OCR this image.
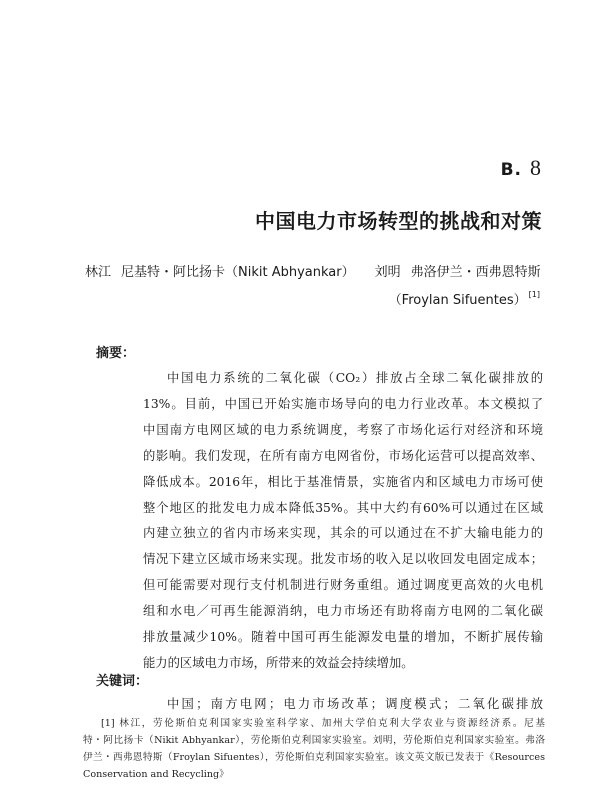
B. 8
中国电力市场转型的挑战和对策
林江 尼基特・阿比扬卡（Nikit Abhyankar） 刘明 弗洛伊兰・西弗恩特斯
（Froylan Sifuentes） [1]
摘要：
中国电力系统的二氧化碳（CO₂）排放占全球二氧化碳排放的
13%。目前，中国已开始实施市场导向的电力行业改革。本文模拟了
中国南方电网区域的电力系统调度，考察了市场化运行对经济和环境
的影响。我们发现，在所有南方电网省份，市场化运营可以提高效率、
降低成本。2016年，相比于基准情景，实施省内和区域电力市场可使
整个地区的批发电力成本降低35%。其中大约有60%可以通过在区域
内建立独立的省内市场来实现，其余的可以通过在不扩大输电能力的
情况下建立区域市场来实现。批发市场的收入足以收回发电固定成本；
但可能需要对现行支付机制进行财务重组。通过调度更高效的火电机
组和水电／可再生能源消纳，电力市场还有助将南方电网的二氧化碳
排放量减少10%。随着中国可再生能源发电量的增加，不断扩展传输
能力的区域电力市场，所带来的效益会持续增加。
关键词：
中国；南方电网；电力市场改革；调度模式；二氧化碳排放
[1] 林江，劳伦斯伯克利国家实验室科学家、加州大学伯克利大学农业与资源经济系。尼基
特・阿比扬卡（Nikit Abhyankar），劳伦斯伯克利国家实验室。刘明，劳伦斯伯克利国家实验室。弗洛
伊兰・西弗恩特斯（Froylan Sifuentes），劳伦斯伯克利国家实验室。该文英文版已发表于《Resources
Conservation and Recycling》
